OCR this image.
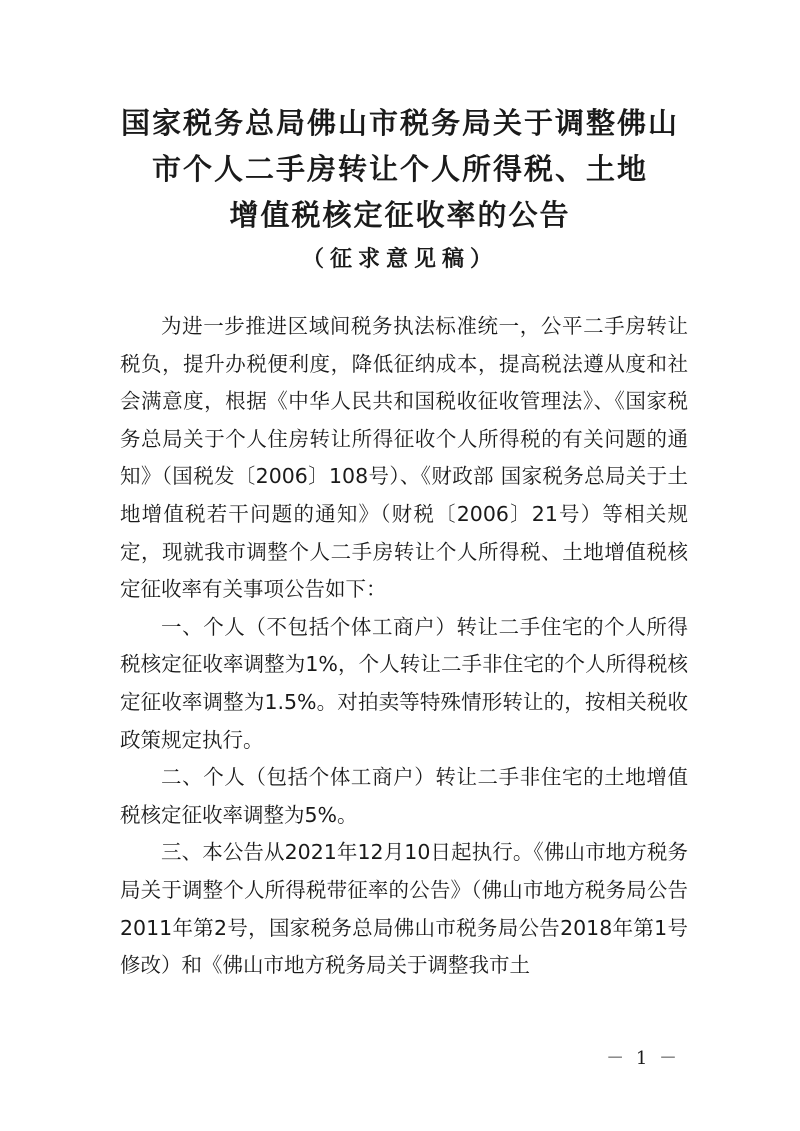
国家税务总局佛山市税务局关于调整佛山
市个人二手房转让个人所得税、土地
增值税核定征收率的公告
（征求意见稿）

为进一步推进区域间税务执法标准统一，公平二手房转让税负，提升办税便利度，降低征纳成本，提高税法遵从度和社会满意度，根据《中华人民共和国税收征收管理法》、《国家税务总局关于个人住房转让所得征收个人所得税的有关问题的通知》（国税发〔2006〕108号）、《财政部 国家税务总局关于土地增值税若干问题的通知》（财税〔2006〕21号）等相关规定，现就我市调整个人二手房转让个人所得税、土地增值税核定征收率有关事项公告如下：

一、个人（不包括个体工商户）转让二手住宅的个人所得税核定征收率调整为1%，个人转让二手非住宅的个人所得税核定征收率调整为1.5%。对拍卖等特殊情形转让的，按相关税收政策规定执行。

二、个人（包括个体工商户）转让二手非住宅的土地增值税核定征收率调整为5%。

三、本公告从2021年12月10日起执行。《佛山市地方税务局关于调整个人所得税带征率的公告》（佛山市地方税务局公告2011年第2号，国家税务总局佛山市税务局公告2018年第1号修改）和《佛山市地方税务局关于调整我市土

－ 1 －
